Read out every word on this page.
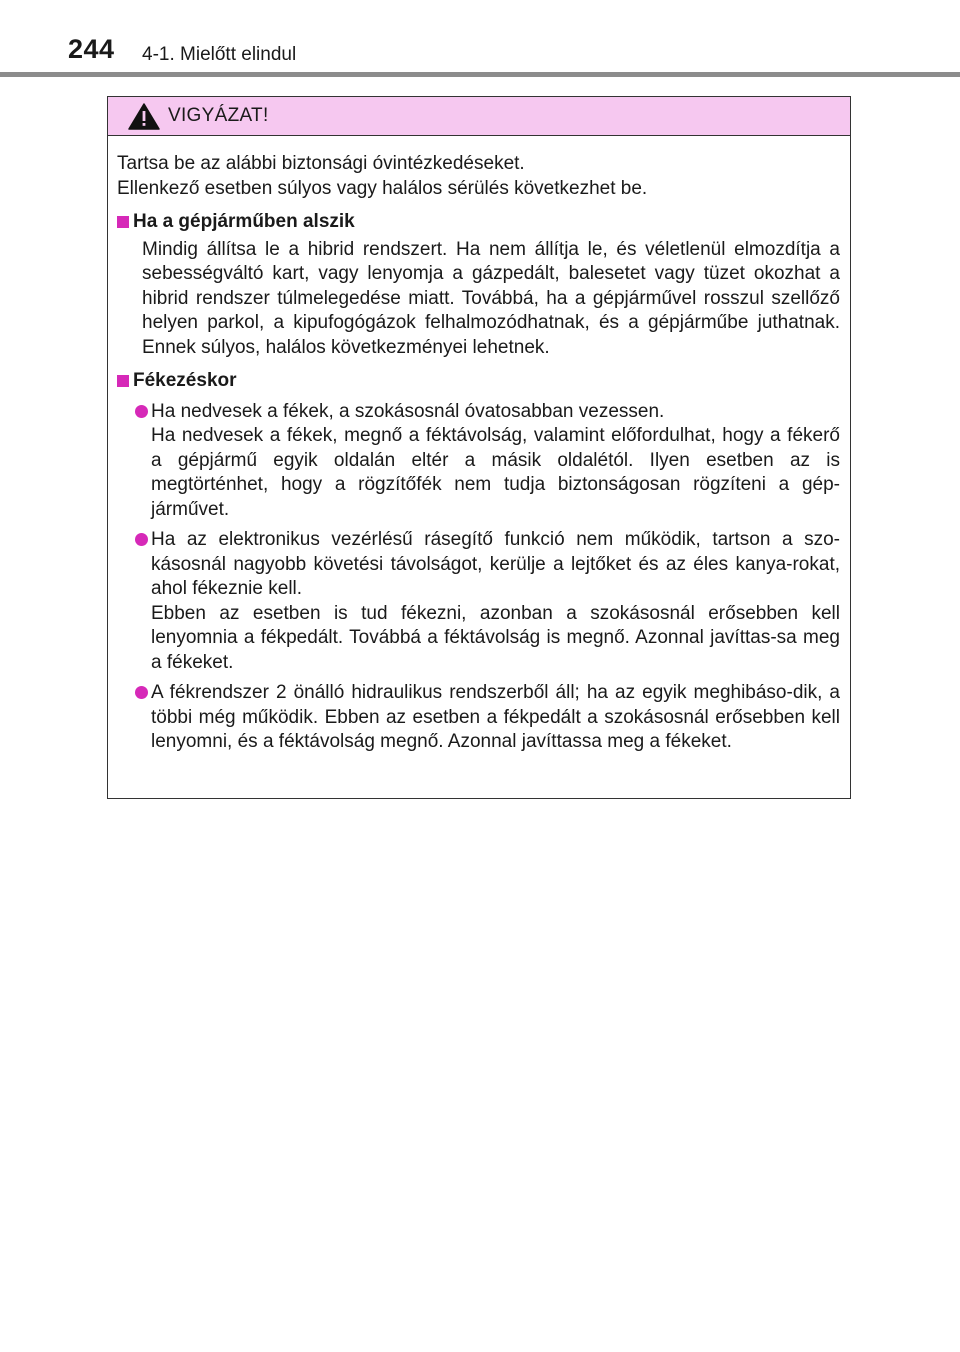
244 4-1. Mielőtt elindul
VIGYÁZAT!

Tartsa be az alábbi biztonsági óvintézkedéseket.

Ellenkező esetben súlyos vagy halálos sérülés következhet be.

Ha a gépjárműben alszik

Mindig állítsa le a hibrid rendszert. Ha nem állítja le, és véletlenül elmozdítja a sebességváltó kart, vagy lenyomja a gázpedált, balesetet vagy tüzet okozhat a hibrid rendszer túlmelegedése miatt. Továbbá, ha a gépjárművel rosszul szellőző helyen parkol, a kipufogógázok felhalmozódhatnak, és a gépjárműbe juthatnak. Ennek súlyos, halálos következményei lehetnek.

Fékezéskor

Ha nedvesek a fékek, a szokásosnál óvatosabban vezessen.

Ha nedvesek a fékek, megnő a féktávolság, valamint előfordulhat, hogy a fékerő a gépjármű egyik oldalán eltér a másik oldalétól. Ilyen esetben az is megtörténhet, hogy a rögzítőfék nem tudja biztonságosan rögzíteni a gép-járművet.

Ha az elektronikus vezérlésű rásegítő funkció nem működik, tartson a szo-kásosnál nagyobb követési távolságot, kerülje a lejtőket és az éles kanya-rokat, ahol fékeznie kell.

Ebben az esetben is tud fékezni, azonban a szokásosnál erősebben kell lenyomnia a fékpedált. Továbbá a féktávolság is megnő. Azonnal javíttas-sa meg a fékeket.

A fékrendszer 2 önálló hidraulikus rendszerből áll; ha az egyik meghibáso-dik, a többi még működik. Ebben az esetben a fékpedált a szokásosnál erősebben kell lenyomni, és a féktávolság megnő. Azonnal javíttassa meg a fékeket.
